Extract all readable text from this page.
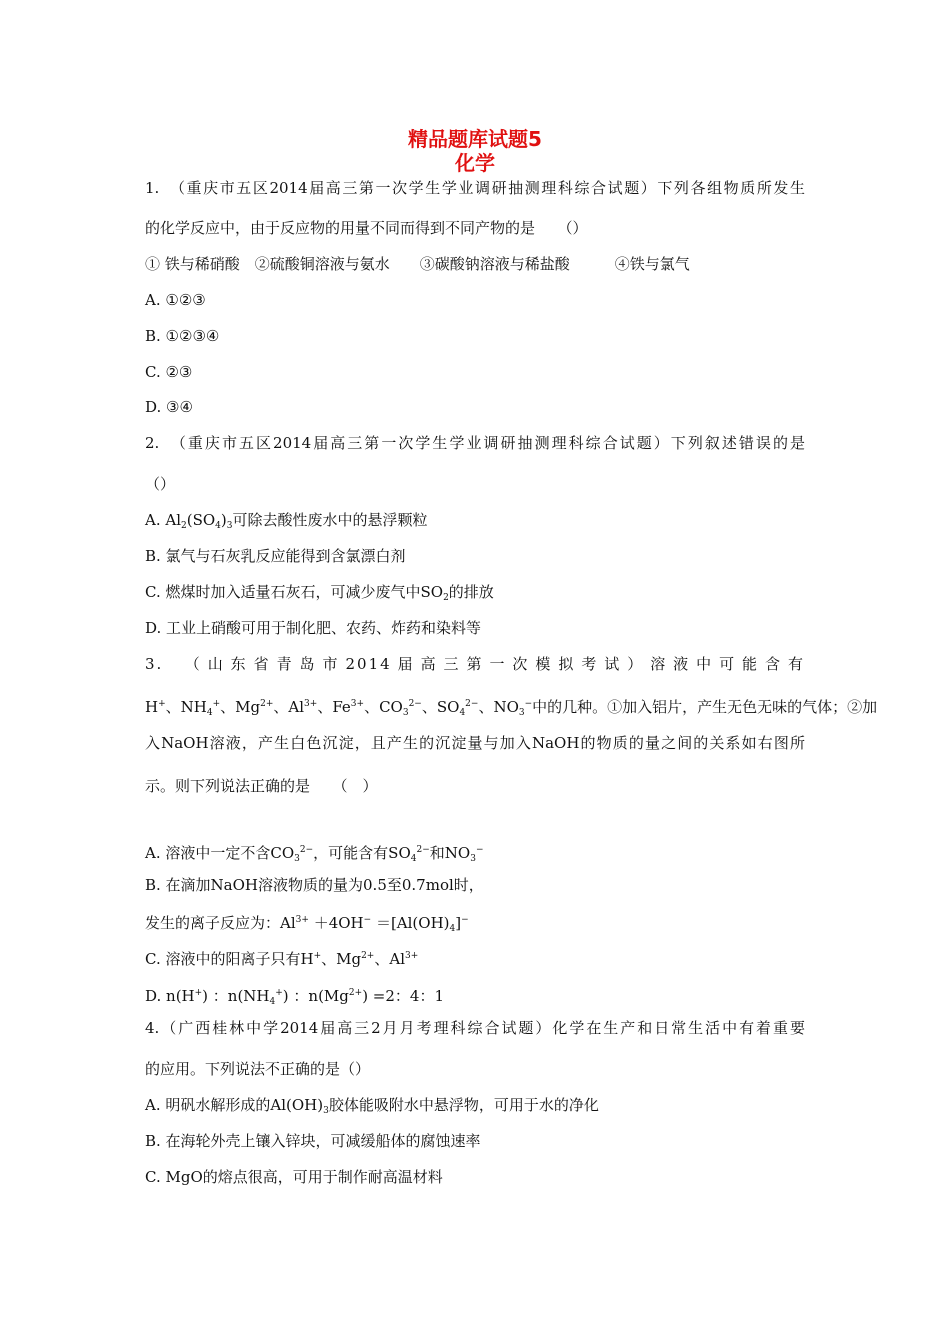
精品题库试题5
化学
1.　（重庆市五区2014届高三第一次学生学业调研抽测理科综合试题）下列各组物质所发生
的化学反应中，由于反应物的用量不同而得到不同产物的是　　（）
① 铁与稀硝酸　②硫酸铜溶液与氨水　　③碳酸钠溶液与稀盐酸　　　④铁与氯气
A. ①②③
B. ①②③④
C. ②③
D. ③④
2.　（重庆市五区2014届高三第一次学生学业调研抽测理科综合试题）下列叙述错误的是
（）
A. $Al_2(SO_4)_3$可除去酸性废水中的悬浮颗粒
B. 氯气与石灰乳反应能得到含氯漂白剂
C. 燃煤时加入适量石灰石，可减少废气中$SO_2$的排放
D. 工业上硝酸可用于制化肥、农药、炸药和染料等
3.　（山东省青岛市2014届高三第一次模拟考试）溶液中可能含有
H+、$NH_4^+$、$Mg^{2+}$、$Al^{3+}$、$Fe^{3+}$、$CO_3^{2-}$、$SO_4^{2-}$、$NO_3^-$中的几种。①加入铝片，产生无色无味的气体；②加
入NaOH溶液，产生白色沉淀，且产生的沉淀量与加入NaOH的物质的量之间的关系如右图所
示。则下列说法正确的是　　（　）
A. 溶液中一定不含$CO_3^{2-}$，可能含有$SO_4^{2-}$和$NO_3^-$
B. 在滴加NaOH溶液物质的量为0.5至0.7mol时，
发生的离子反应为：$Al^{3+} +4OH^- =[Al(OH)_4]^-$
C. 溶液中的阳离子只有H+、$Mg^{2+}$、$Al^{3+}$
D. n(H+) ：$n(NH_4^+)$ ：$n(Mg^{2+}) =2$：4：1
4.（广西桂林中学2014届高三2月月考理科综合试题）化学在生产和日常生活中有着重要
的应用。下列说法不正确的是（）
A. 明矾水解形成的$Al(OH)_3$胶体能吸附水中悬浮物，可用于水的净化
B. 在海轮外壳上镶入锌块，可减缓船体的腐蚀速率
C. MgO的熔点很高，可用于制作耐高温材料
